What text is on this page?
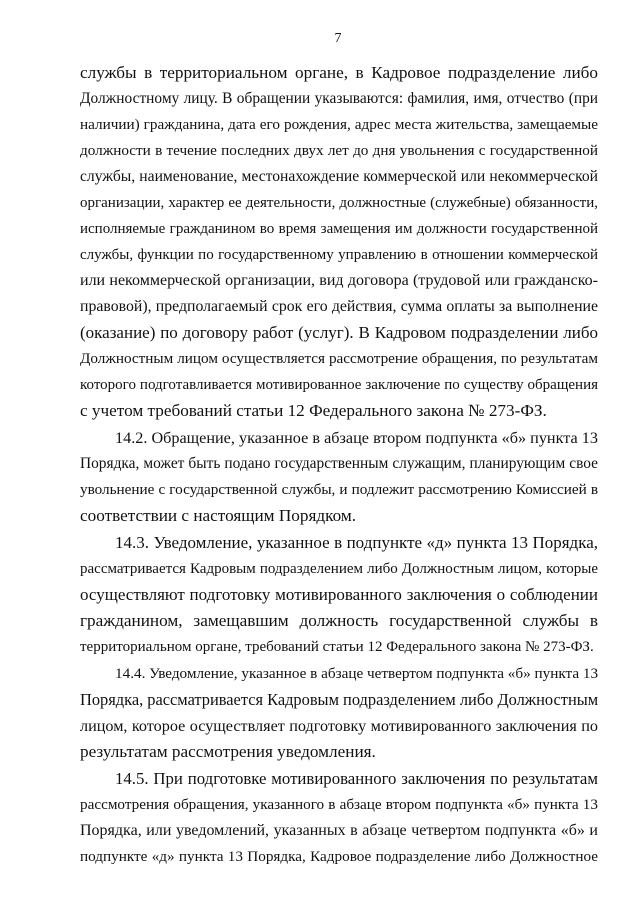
7
службы в территориальном органе, в Кадровое подразделение либо
Должностному лицу. В обращении указываются: фамилия, имя, отчество (при
наличии) гражданина, дата его рождения, адрес места жительства, замещаемые
должности в течение последних двух лет до дня увольнения с государственной
службы, наименование, местонахождение коммерческой или некоммерческой
организации, характер ее деятельности, должностные (служебные) обязанности,
исполняемые гражданином во время замещения им должности государственной
службы, функции по государственному управлению в отношении коммерческой
или некоммерческой организации, вид договора (трудовой или гражданско-
правовой), предполагаемый срок его действия, сумма оплаты за выполнение
(оказание) по договору работ (услуг). В Кадровом подразделении либо
Должностным лицом осуществляется рассмотрение обращения, по результатам
которого подготавливается мотивированное заключение по существу обращения
с учетом требований статьи 12 Федерального закона № 273-ФЗ.
14.2. Обращение, указанное в абзаце втором подпункта «б» пункта 13
Порядка, может быть подано государственным служащим, планирующим свое
увольнение с государственной службы, и подлежит рассмотрению Комиссией в
соответствии с настоящим Порядком.
14.3. Уведомление, указанное в подпункте «д» пункта 13 Порядка,
рассматривается Кадровым подразделением либо Должностным лицом, которые
осуществляют подготовку мотивированного заключения о соблюдении
гражданином, замещавшим должность государственной службы в
территориальном органе, требований статьи 12 Федерального закона № 273-ФЗ.
14.4. Уведомление, указанное в абзаце четвертом подпункта «б» пункта 13
Порядка, рассматривается Кадровым подразделением либо Должностным
лицом, которое осуществляет подготовку мотивированного заключения по
результатам рассмотрения уведомления.
14.5. При подготовке мотивированного заключения по результатам
рассмотрения обращения, указанного в абзаце втором подпункта «б» пункта 13
Порядка, или уведомлений, указанных в абзаце четвертом подпункта «б» и
подпункте «д» пункта 13 Порядка, Кадровое подразделение либо Должностное
